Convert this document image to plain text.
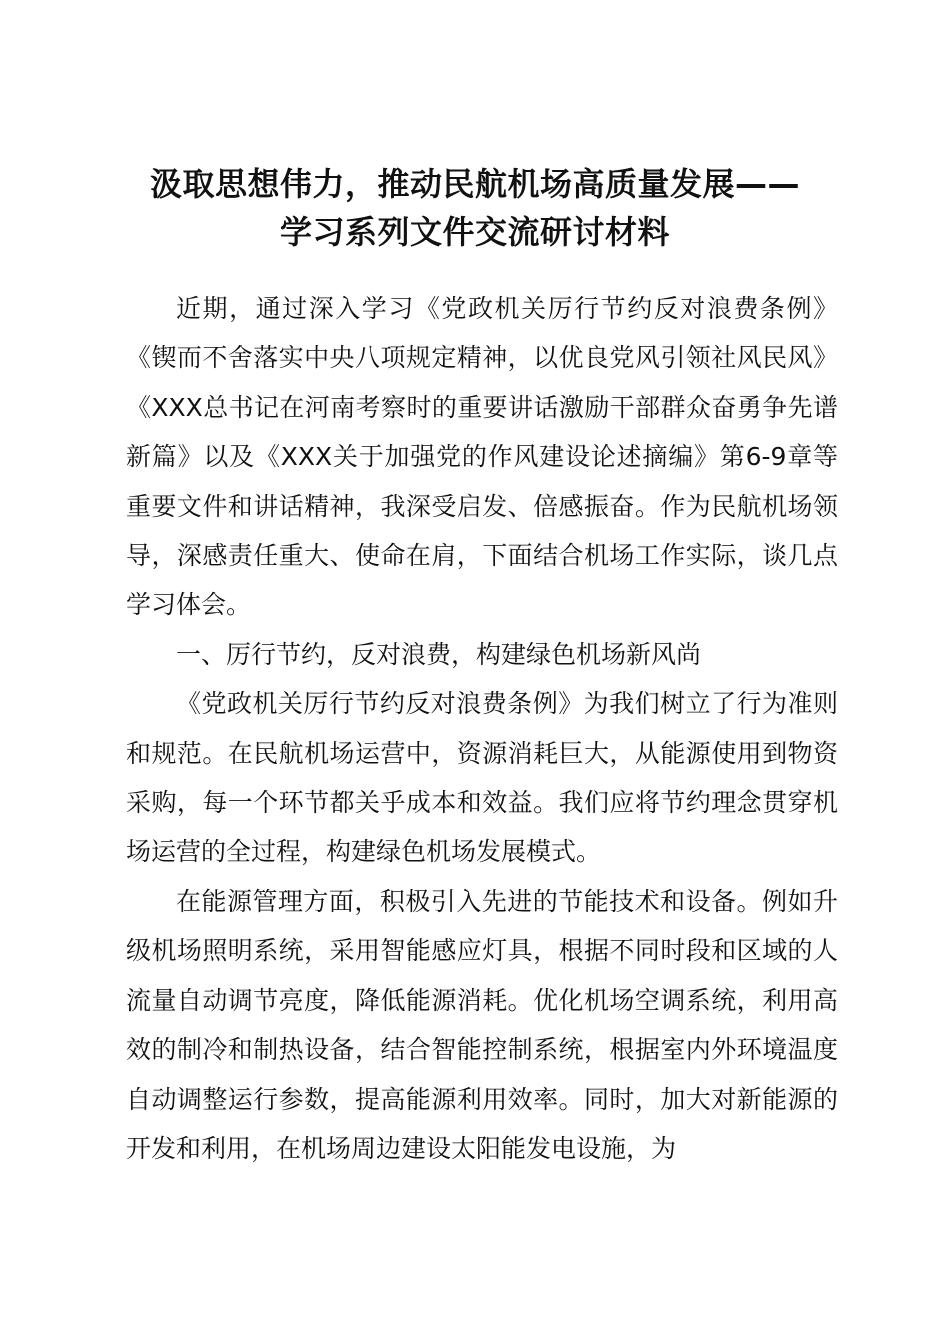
汲取思想伟力，推动民航机场高质量发展——
学习系列文件交流研讨材料

近期，通过深入学习《党政机关厉行节约反对浪费条例》《锲而不舍落实中央八项规定精神，以优良党风引领社风民风》《XXX总书记在河南考察时的重要讲话激励干部群众奋勇争先谱新篇》以及《XXX关于加强党的作风建设论述摘编》第6-9章等重要文件和讲话精神，我深受启发、倍感振奋。作为民航机场领导，深感责任重大、使命在肩，下面结合机场工作实际，谈几点学习体会。

一、厉行节约，反对浪费，构建绿色机场新风尚

《党政机关厉行节约反对浪费条例》为我们树立了行为准则和规范。在民航机场运营中，资源消耗巨大，从能源使用到物资采购，每一个环节都关乎成本和效益。我们应将节约理念贯穿机场运营的全过程，构建绿色机场发展模式。

在能源管理方面，积极引入先进的节能技术和设备。例如升级机场照明系统，采用智能感应灯具，根据不同时段和区域的人流量自动调节亮度，降低能源消耗。优化机场空调系统，利用高效的制冷和制热设备，结合智能控制系统，根据室内外环境温度自动调整运行参数，提高能源利用效率。同时，加大对新能源的开发和利用，在机场周边建设太阳能发电设施，为
